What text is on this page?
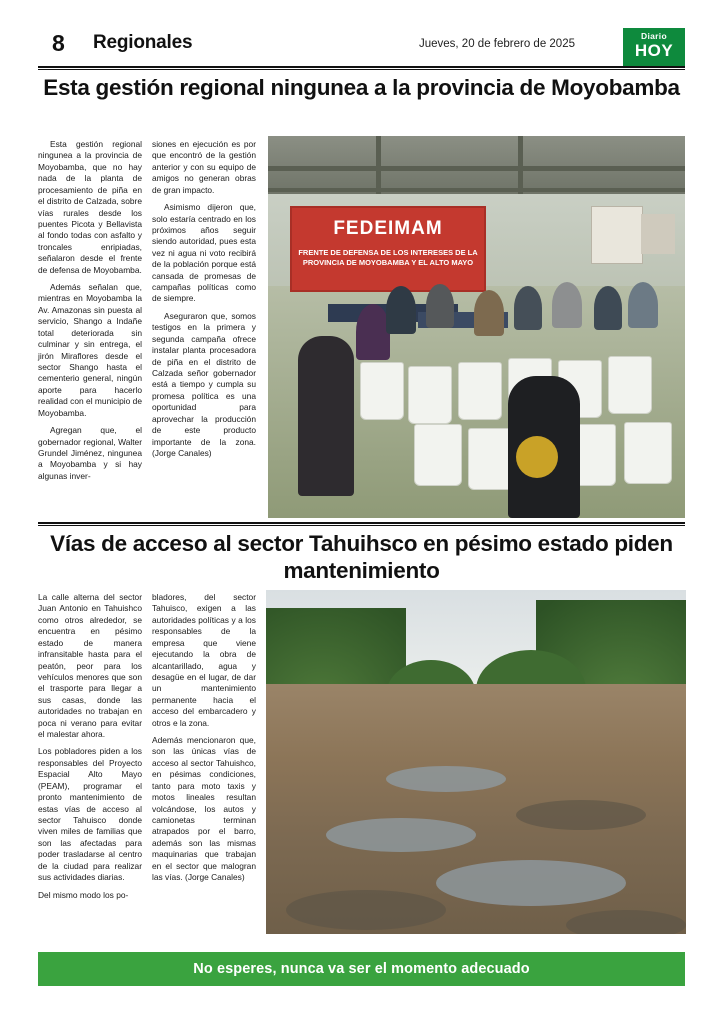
8 Regionales	Jueves, 20 de febrero de 2025
Diario
HOY
Esta gestión regional ningunea a la provincia de Moyobamba

Esta gestión regional ningunea a la provincia de Moyobamba, que no hay nada de la planta de procesamiento de piña en el distrito de Calzada, sobre vías rurales desde los puentes Picota y Bellavista al fondo todas con asfalto y troncales enripiadas, señalaron desde el frente de defensa de Moyobamba.

Además señalan que, mientras en Moyobamba la Av. Amazonas sin puesta al servicio, Shango a Indañe total deteriorada sin culminar y sin entrega, el jirón Miraflores desde el sector Shango hasta el cementerio general, ningún aporte para hacerlo realidad con el municipio de Moyobamba.

Agregan que, el gobernador regional, Walter Grundel Jiménez, ningunea a Moyobamba y si hay algunas inver-

siones en ejecución es por que encontró de la gestión anterior y con su equipo de amigos no generan obras de gran impacto.

Asimismo dijeron que, solo estaría centrado en los próximos años seguir siendo autoridad, pues esta vez ni agua ni voto recibirá de la población porque está cansada de promesas de campañas políticas como de siempre.

Aseguraron que, somos testigos en la primera y segunda campaña ofrece instalar planta procesadora de piña en el distrito de Calzada señor gobernador está a tiempo y cumpla su promesa política es una oportunidad para aprovechar la producción de este producto importante de la zona. (Jorge Canales)

FEDEIMAM
FRENTE DE DEFENSA DE LOS INTERESES DE LA PROVINCIA DE MOYOBAMBA Y EL ALTO MAYO
Vías de acceso al sector Tahuihsco en pésimo estado piden mantenimiento

La calle alterna del sector Juan Antonio en Tahuishco como otros alrededor, se encuentra en pésimo estado de manera infransitable hasta para el peatón, peor para los vehículos menores que son el trasporte para llegar a sus casas, donde las autoridades no trabajan en poca ni verano para evitar el malestar ahora.

Los pobladores piden a los responsables del Proyecto Espacial Alto Mayo (PEAM), programar el pronto mantenimiento de estas vías de acceso al sector Tahuisco donde viven miles de familias que son las afectadas para poder trasladarse al centro de la ciudad para realizar sus actividades diarias.

Del mismo modo los po-

bladores, del sector Tahuisco, exigen a las autoridades políticas y a los responsables de la empresa que viene ejecutando la obra de alcantarillado, agua y desagüe en el lugar, de dar un mantenimiento permanente hacia el acceso del embarcadero y otros e la zona.

Además mencionaron que, son las únicas vías de acceso al sector Tahuishco, en pésimas condiciones, tanto para moto taxis y motos lineales resultan volcándose, los autos y camionetas terminan atrapados por el barro, además son las mismas maquinarias que trabajan en el sector que malogran las vías. (Jorge Canales)

No esperes, nunca va ser el momento adecuado
